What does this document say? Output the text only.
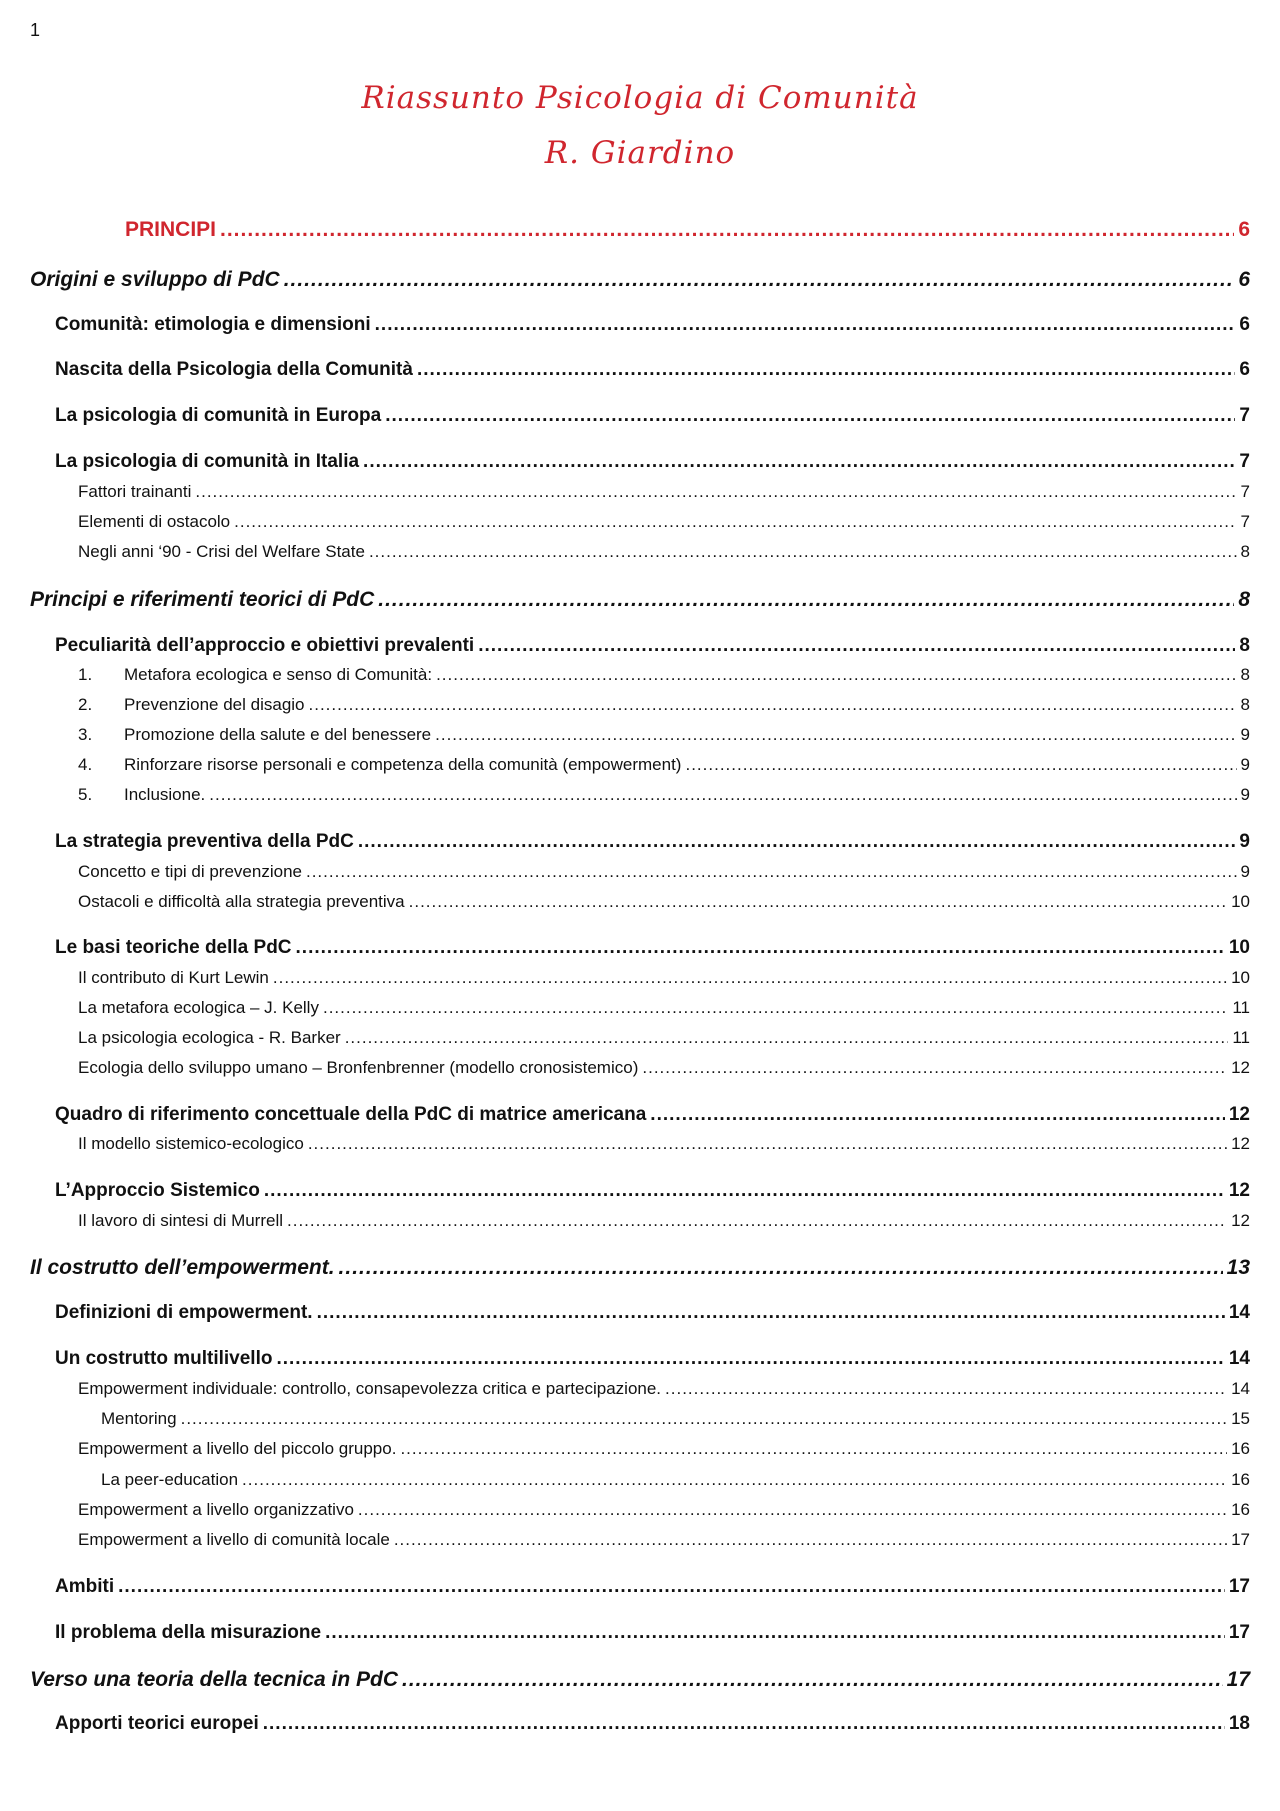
1
Riassunto Psicologia di Comunità
R. Giardino
PRINCIPI .....	6
Origini e sviluppo di PdC .....	6
Comunità: etimologia e dimensioni .....	6
Nascita della Psicologia della Comunità .....	6
La psicologia di comunità in Europa .....	7
La psicologia di comunità in Italia .....	7
Fattori trainanti .....	7
Elementi di ostacolo .....	7
Negli anni ‘90 - Crisi del Welfare State .....	8
Principi e riferimenti teorici di PdC .....	8
Peculiarità dell’approccio e obiettivi prevalenti .....	8
1.	Metafora ecologica e senso di Comunità: .....	8
2.	Prevenzione del disagio .....	8
3.	Promozione della salute e del benessere .....	9
4.	Rinforzare risorse personali e competenza della comunità (empowerment) .....	9
5.	Inclusione. .....	9
La strategia preventiva della PdC .....	9
Concetto e tipi di prevenzione .....	9
Ostacoli e difficoltà alla strategia preventiva .....	10
Le basi teoriche della PdC .....	10
Il contributo di Kurt Lewin .....	10
La metafora ecologica – J. Kelly .....	11
La psicologia ecologica - R. Barker .....	11
Ecologia dello sviluppo umano – Bronfenbrenner (modello cronosistemico) .....	12
Quadro di riferimento concettuale della PdC di matrice americana .....	12
Il modello sistemico-ecologico .....	12
L’Approccio Sistemico .....	12
Il lavoro di sintesi di Murrell .....	12
Il costrutto dell’empowerment. .....	13
Definizioni di empowerment. .....	14
Un costrutto multilivello .....	14
Empowerment individuale: controllo, consapevolezza critica e partecipazione. .....	14
Mentoring .....	15
Empowerment a livello del piccolo gruppo. .....	16
La peer-education .....	16
Empowerment a livello organizzativo .....	16
Empowerment a livello di comunità locale .....	17
Ambiti .....	17
Il problema della misurazione .....	17
Verso una teoria della tecnica in PdC .....	17
Apporti teorici europei .....	18
